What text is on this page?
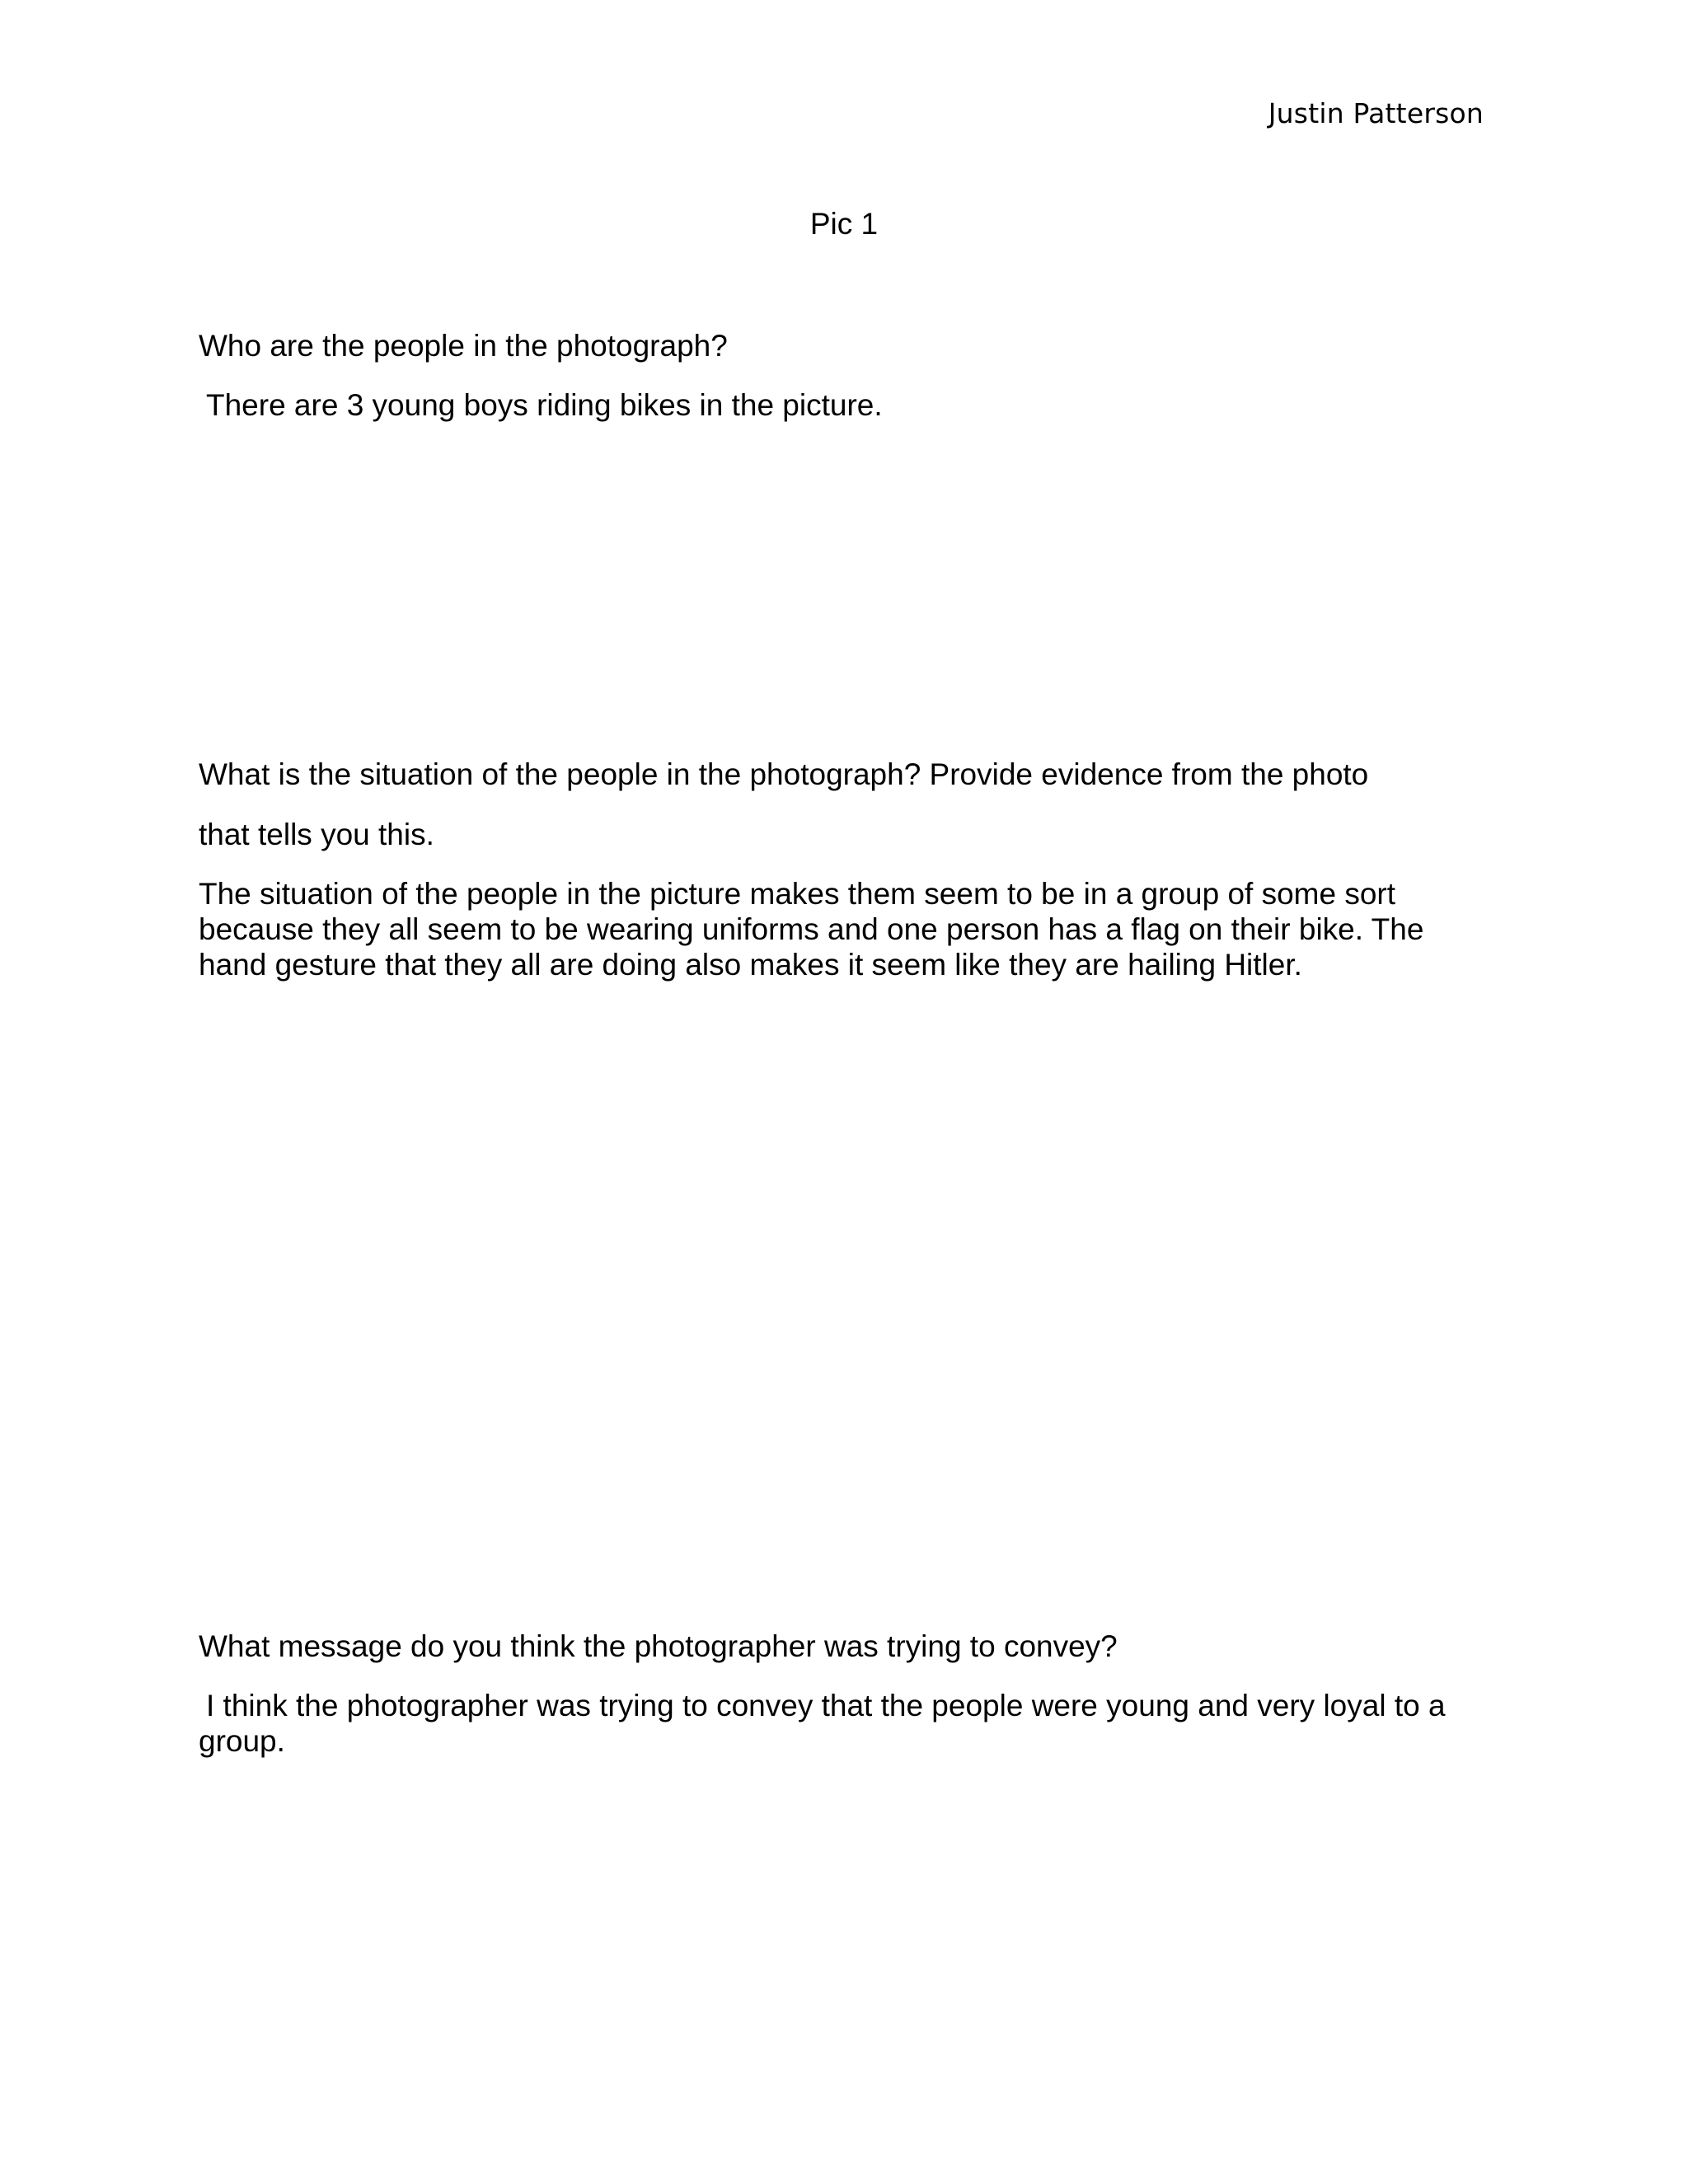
Justin Patterson
Pic 1

Who are the people in the photograph?

There are 3 young boys riding bikes in the picture.

What is the situation of the people in the photograph? Provide evidence from the photo

that tells you this.

The situation of the people in the picture makes them seem to be in a group of some sort
because they all seem to be wearing uniforms and one person has a flag on their bike. The
hand gesture that they all are doing also makes it seem like they are hailing Hitler.

What message do you think the photographer was trying to convey?

I think the photographer was trying to convey that the people were young and very loyal to a
group.
